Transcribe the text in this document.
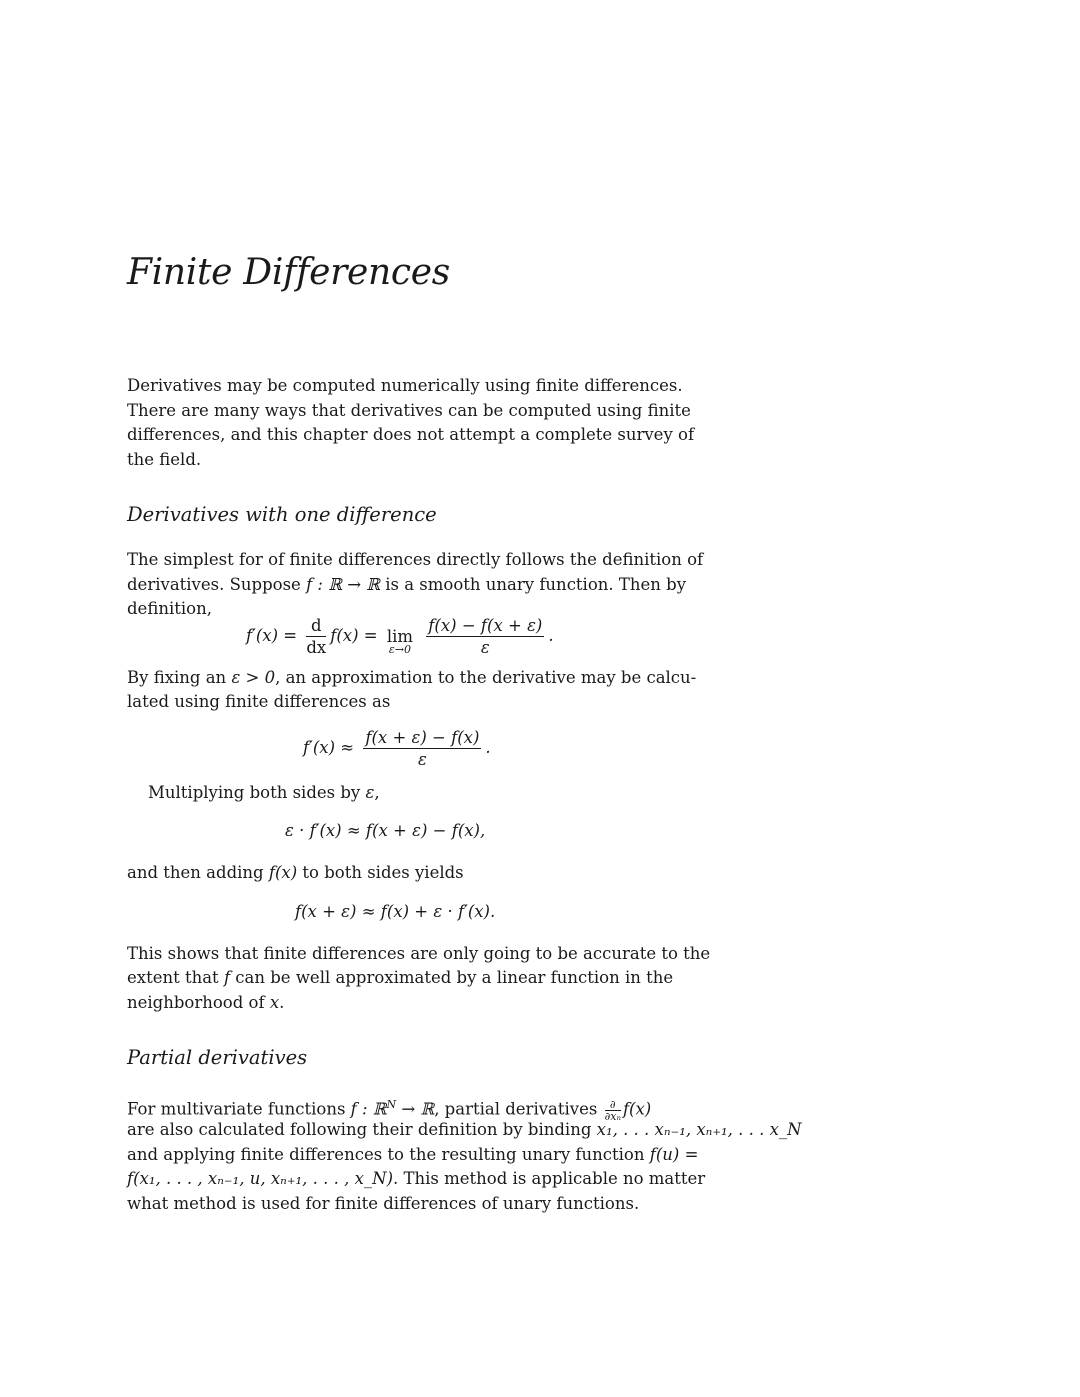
Finite Differences
Derivatives may be computed numerically using finite differences.
There are many ways that derivatives can be computed using finite
differences, and this chapter does not attempt a complete survey of
the field.
Derivatives with one difference
The simplest for of finite differences directly follows the definition of
derivatives. Suppose f : ℝ → ℝ is a smooth unary function. Then by
definition,
$f'(x) = \frac{d}{dx} f(x) = \lim$
ε→0
$\frac{f(x) - f(x + \varepsilon)}{\varepsilon}$ .
By fixing an ε > 0, an approximation to the derivative may be calcu-
lated using finite differences as
$f'(x) \approx \frac{f(x + \varepsilon) - f(x)}{\varepsilon}$ .
Multiplying both sides by ε,
ε · f′(x) ≈ f(x + ε) − f(x),
and then adding f(x) to both sides yields
f(x + ε) ≈ f(x) + ε · f′(x).
This shows that finite differences are only going to be accurate to the
extent that f can be well approximated by a linear function in the
neighborhood of x.
Partial derivatives
For multivariate functions f : ℝ$^N$ → ℝ, partial derivatives $\frac{\partial}{\text{∂xₙ}} f(x)$
are also calculated following their definition by binding x₁, . . . xₙ₋₁, xₙ₊₁, . . . x_N
and applying finite differences to the resulting unary function f(u) =
f(x₁, . . . , xₙ₋₁, u, xₙ₊₁, . . . , x_N). This method is applicable no matter
what method is used for finite differences of unary functions.
